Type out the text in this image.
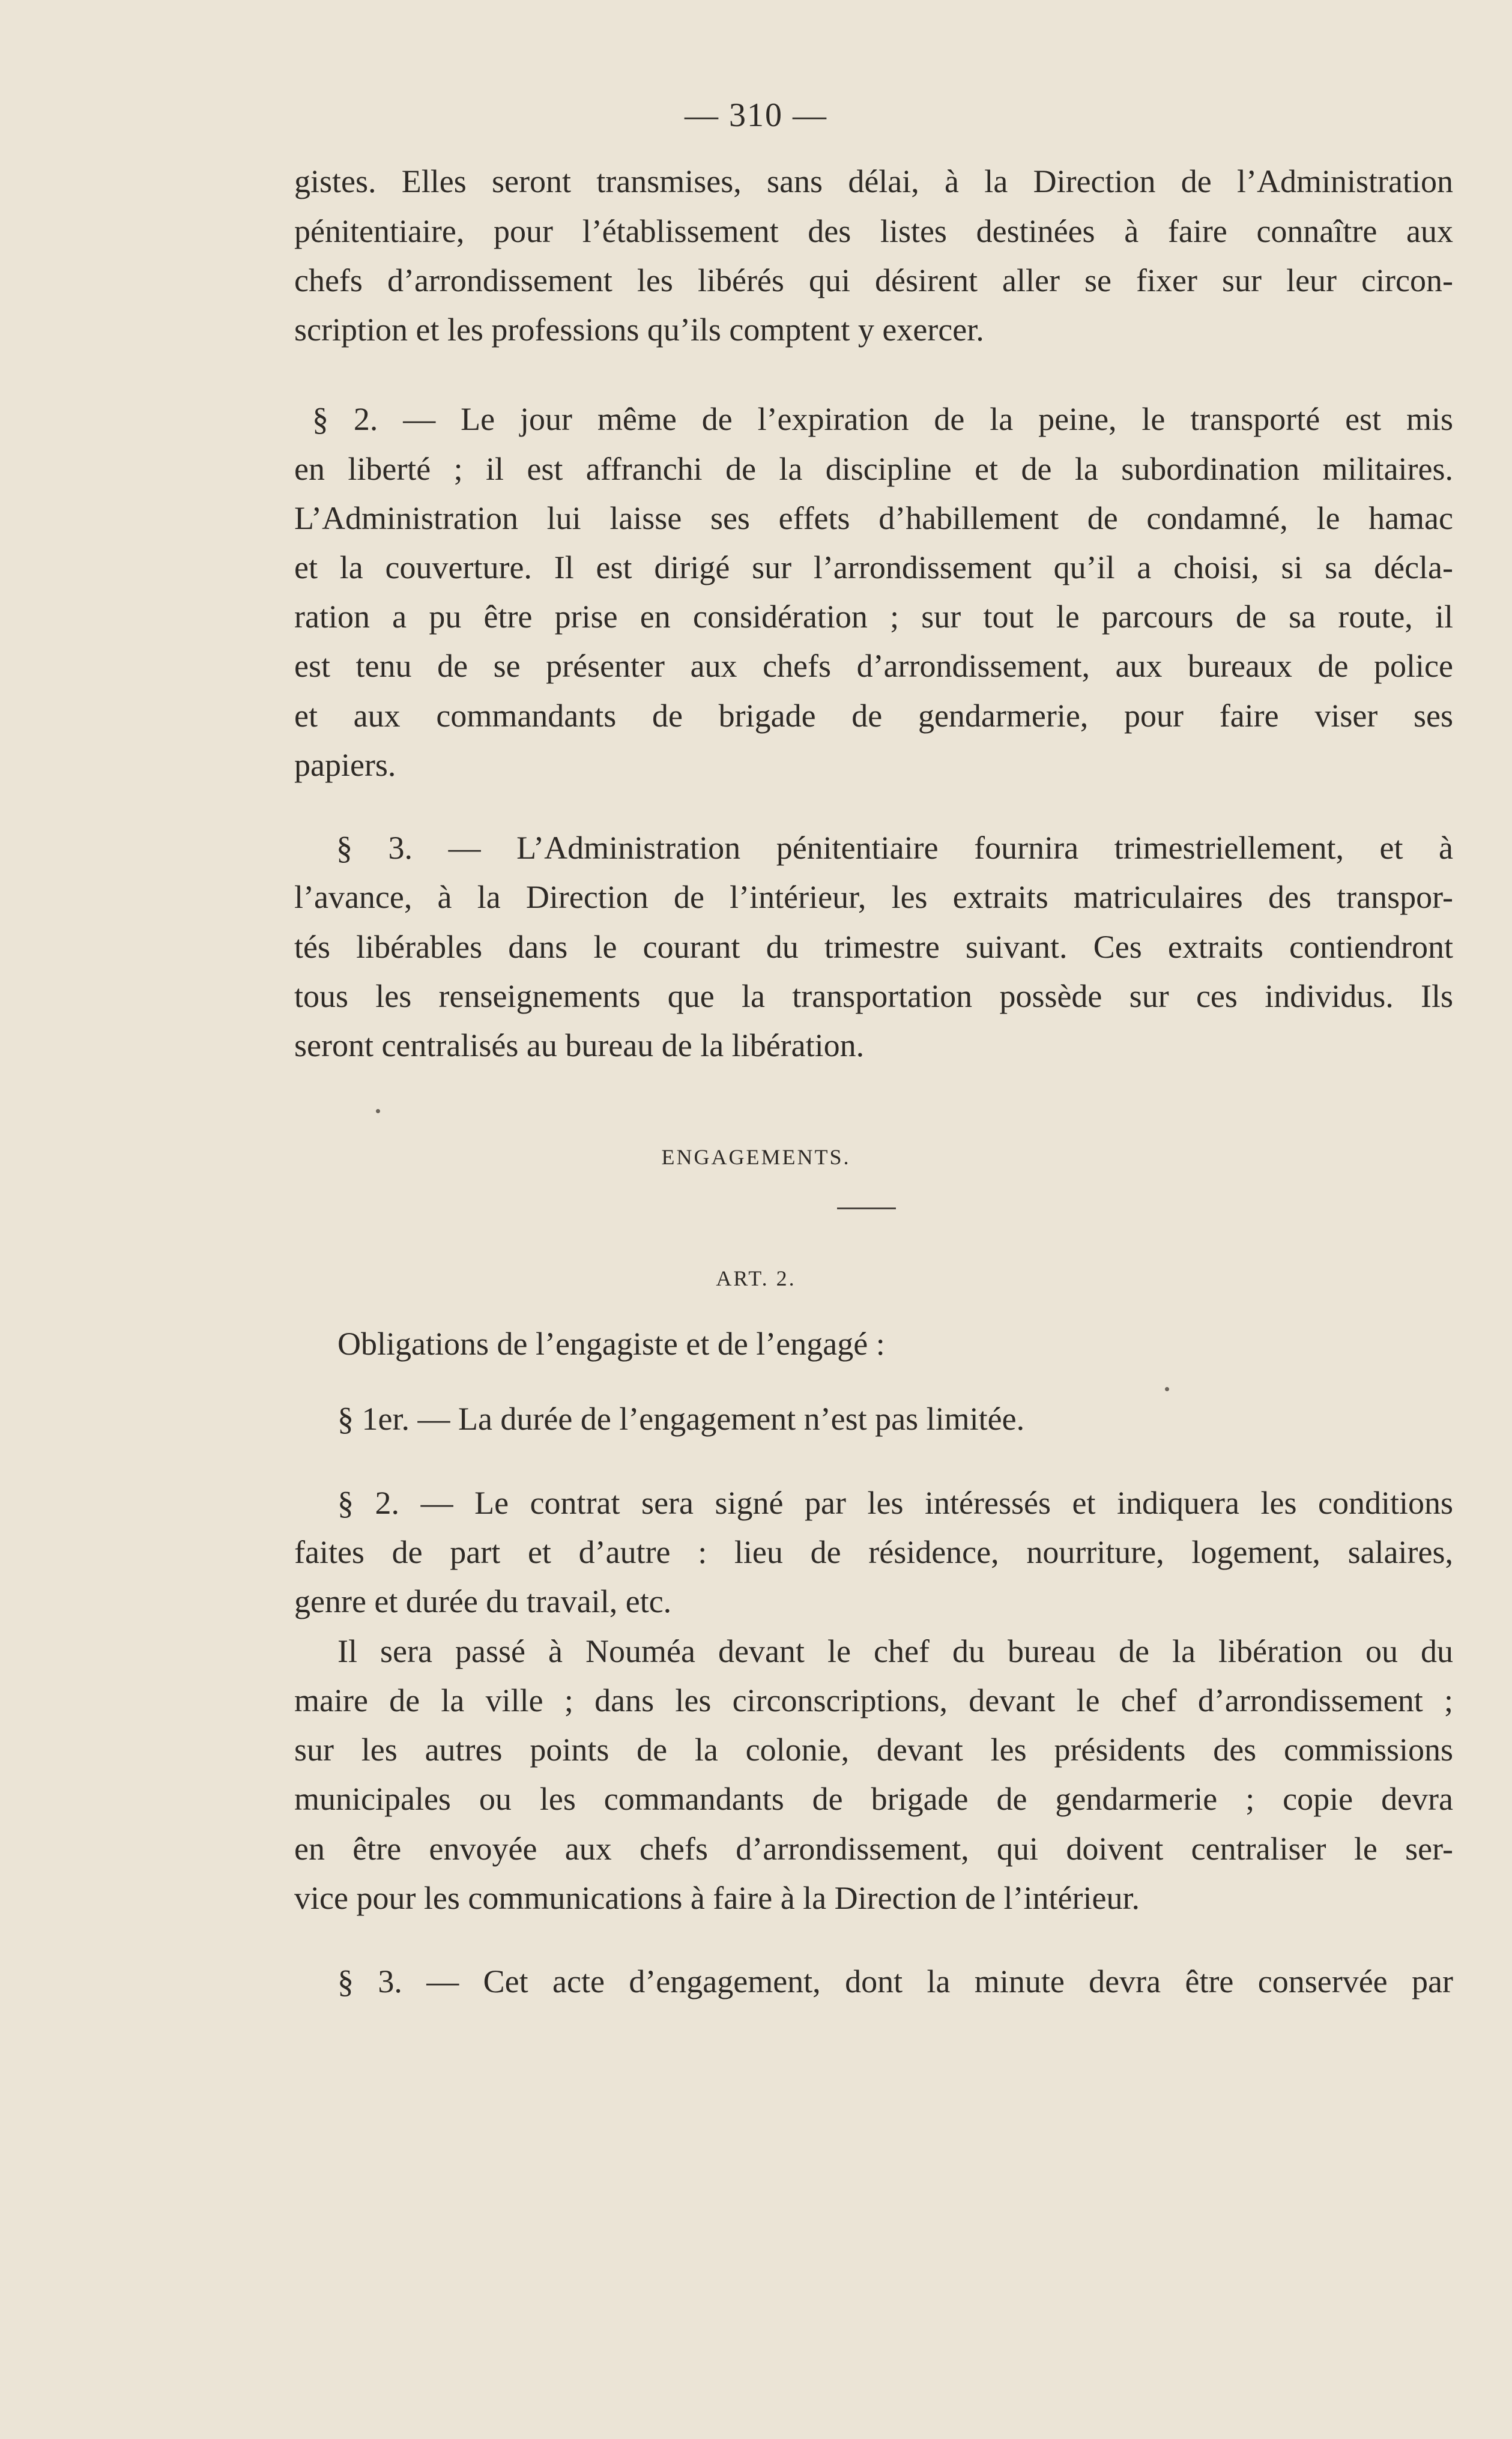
— 310 —
gistes. Elles seront transmises, sans délai, à la Direction de l’Administration
pénitentiaire, pour l’établissement des listes destinées à faire connaître aux
chefs d’arrondissement les libérés qui désirent aller se fixer sur leur circon-
scription et les professions qu’ils comptent y exercer.
§ 2. — Le jour même de l’expiration de la peine, le transporté est mis
en liberté ; il est affranchi de la discipline et de la subordination militaires.
L’Administration lui laisse ses effets d’habillement de condamné, le hamac
et la couverture. Il est dirigé sur l’arrondissement qu’il a choisi, si sa décla-
ration a pu être prise en considération ; sur tout le parcours de sa route, il
est tenu de se présenter aux chefs d’arrondissement, aux bureaux de police
et aux commandants de brigade de gendarmerie, pour faire viser ses
papiers.
§ 3. — L’Administration pénitentiaire fournira trimestriellement, et à
l’avance, à la Direction de l’intérieur, les extraits matriculaires des transpor-
tés libérables dans le courant du trimestre suivant. Ces extraits contiendront
tous les renseignements que la transportation possède sur ces individus. Ils
seront centralisés au bureau de la libération.
ENGAGEMENTS.
ART. 2.
Obligations de l’engagiste et de l’engagé :
§ 1er. — La durée de l’engagement n’est pas limitée.
§ 2. — Le contrat sera signé par les intéressés et indiquera les conditions
faites de part et d’autre : lieu de résidence, nourriture, logement, salaires,
genre et durée du travail, etc.
Il sera passé à Nouméa devant le chef du bureau de la libération ou du
maire de la ville ; dans les circonscriptions, devant le chef d’arrondissement ;
sur les autres points de la colonie, devant les présidents des commissions
municipales ou les commandants de brigade de gendarmerie ; copie devra
en être envoyée aux chefs d’arrondissement, qui doivent centraliser le ser-
vice pour les communications à faire à la Direction de l’intérieur.
§ 3. — Cet acte d’engagement, dont la minute devra être conservée par
